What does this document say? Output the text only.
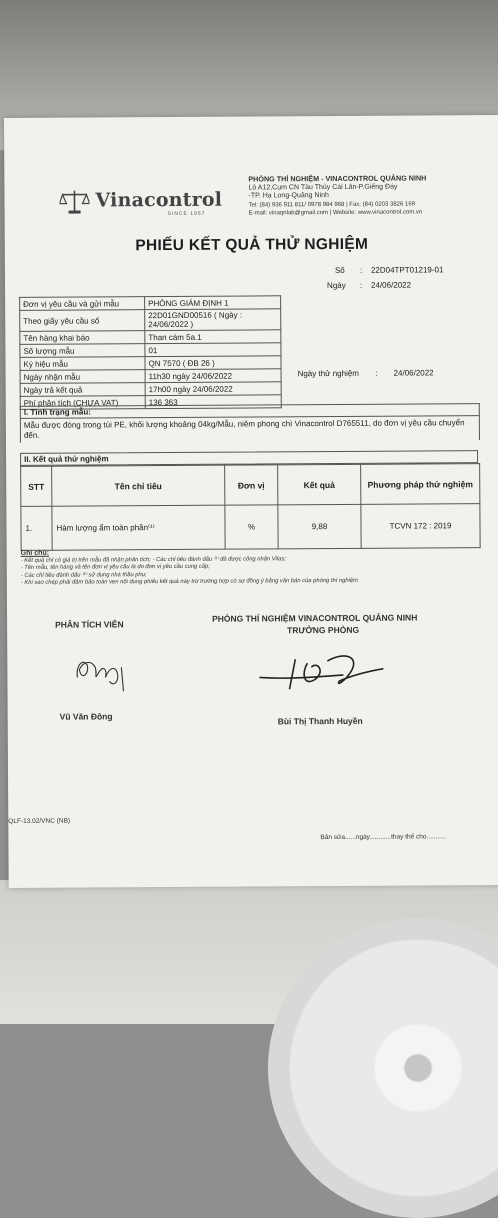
Vinacontrol
SINCE 1957
PHÒNG THÍ NGHIỆM - VINACONTROL QUẢNG NINH
Lô A12,Cụm CN Tàu Thủy Cái Lân-P.Giếng Đáy
-TP. Hạ Long-Quảng Ninh
Tel: (84) 936 911 811/ 0978 984 968 | Fax: (84) 0203 3826 169
E-mail: vinaqnlab@gmail.com | Website: www.vinacontrol.com.vn
PHIẾU KẾT QUẢ THỬ NGHIỆM
Số : 22D04TPT01219-01
Ngày : 24/06/2022
Đơn vị yêu cầu và gửi mẫu	PHÒNG GIÁM ĐỊNH 1
Theo giấy yêu cầu số	22D01GND00516 ( Ngày : 24/06/2022 )
Tên hàng khai báo	Than cám 5a.1
Số lượng mẫu	01
Ký hiệu mẫu	QN 7570 ( ĐB 26 )
Ngày nhận mẫu	11h30 ngày 24/06/2022
Ngày trả kết quả	17h00 ngày 24/06/2022
Phí phân tích (CHƯA VAT)	136 363
Ngày thử nghiệm : 24/06/2022
I. Tình trạng mẫu:
Mẫu được đóng trong túi PE, khối lượng khoảng 04kg/Mẫu, niêm phong chì Vinacontrol D765511, do đơn vị yêu cầu chuyển đến.
II. Kết quả thử nghiệm
STT	Tên chỉ tiêu	Đơn vị	Kết quả	Phương pháp thử nghiệm
1.	Hàm lượng ẩm toàn phần⁽¹⁾	%	9,88	TCVN 172 : 2019
Ghi chú:
- Kết quả chỉ có giá trị trên mẫu đã nhận phân tích; - Các chỉ tiêu đánh dấu ⁽¹⁾ đã được công nhận Vilas;
- Tên mẫu, tên hàng và tên đơn vị yêu cầu là do đơn vị yêu cầu cung cấp;
- Các chỉ tiêu đánh dấu ⁽²⁾ sử dụng nhà thầu phụ;
- Khi sao chép phải đảm bảo toàn vẹn nội dung phiếu kết quả này trừ trường hợp có sự đồng ý bằng văn bản của phòng thí nghiệm
PHÂN TÍCH VIÊN
Vũ Văn Đông
PHÒNG THÍ NGHIỆM VINACONTROL QUẢNG NINH
TRƯỞNG PHÒNG
Bùi Thị Thanh Huyền
QLF-13.02/VNC (NB)
Bản sửa......ngày............thay thế cho...........
